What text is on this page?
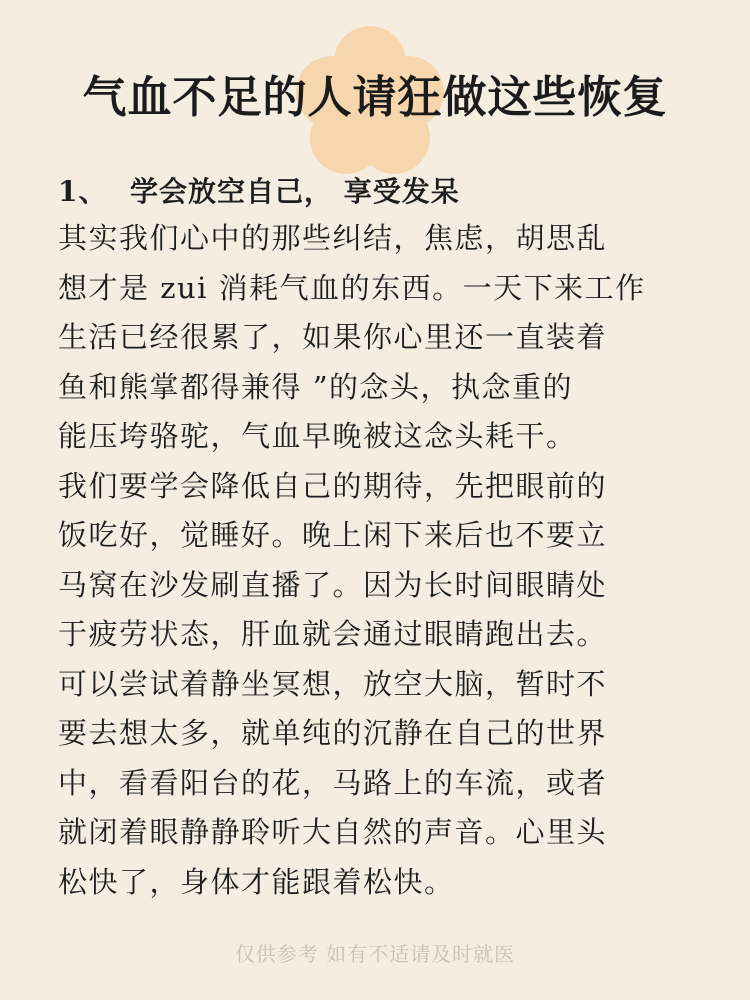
气血不足的人请狂做这些恢复
1、 学会放空自己， 享受发呆

其实我们心中的那些纠结，焦虑，胡思乱

想才是 zui 消耗气血的东西。一天下来工作

生活已经很累了，如果你心里还一直装着

鱼和熊掌都得兼得 ”的念头，执念重的

能压垮骆驼，气血早晚被这念头耗干。

我们要学会降低自己的期待，先把眼前的

饭吃好，觉睡好。晚上闲下来后也不要立

马窝在沙发刷直播了。因为长时间眼睛处

于疲劳状态，肝血就会通过眼睛跑出去。

可以尝试着静坐冥想，放空大脑，暂时不

要去想太多，就单纯的沉静在自己的世界

中，看看阳台的花，马路上的车流，或者

就闭着眼静静聆听大自然的声音。心里头

松快了，身体才能跟着松快。

仅供参考 如有不适请及时就医
